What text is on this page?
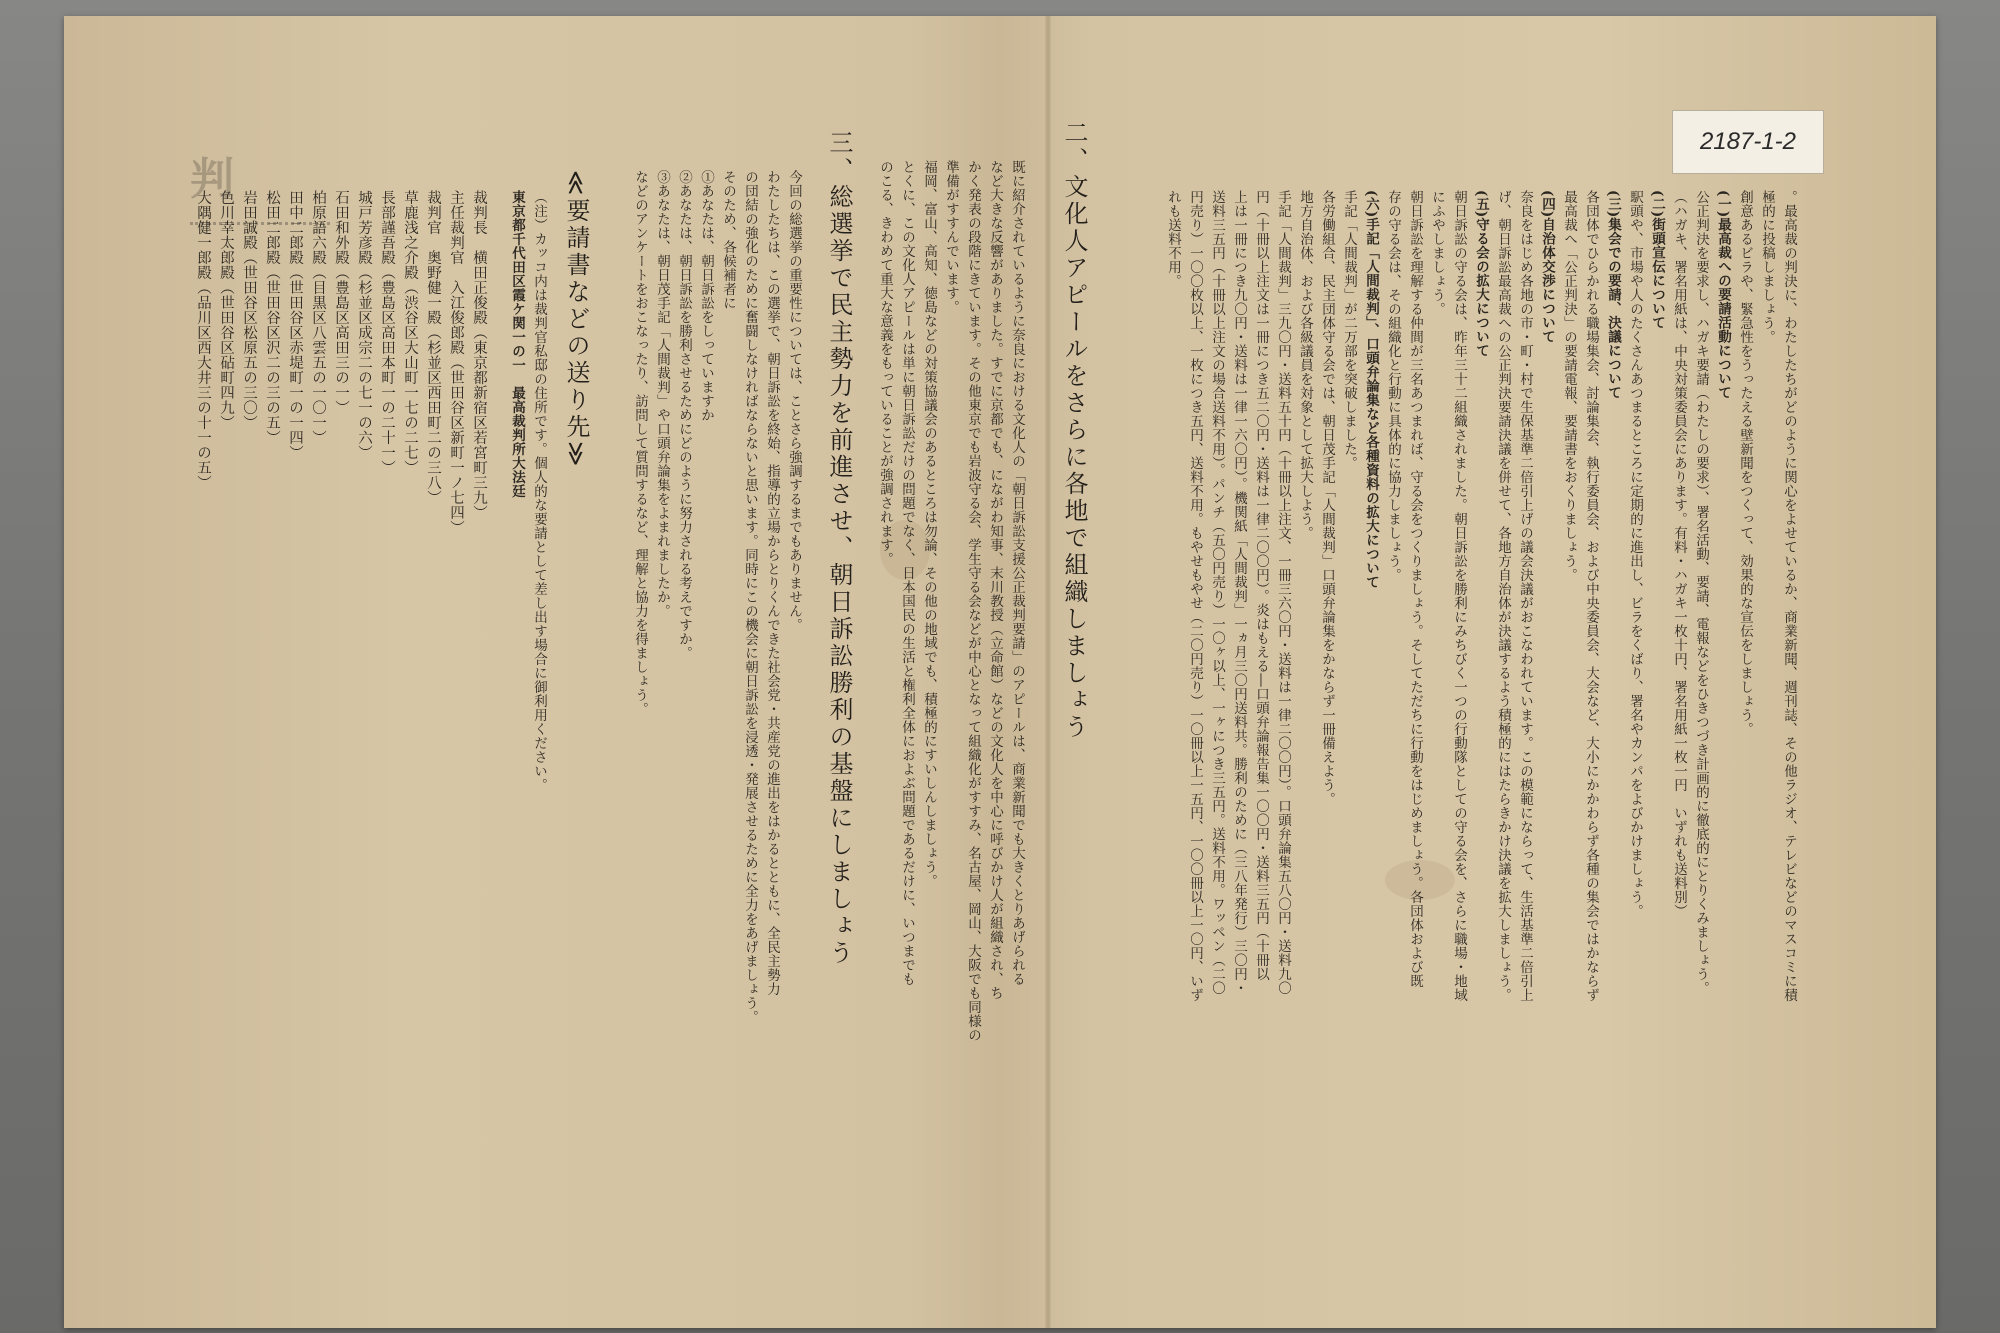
2187-1-2
判
。最高裁の判決に、わたしたちがどのように関心をよせているか、商業新聞、週刊誌、その他ラジオ、テレビなどのマスコミに積
極的に投稿しましょう。
創意あるビラや、緊急性をうったえる壁新聞をつくって、効果的な宣伝をしましょう。
(一)最高裁への要請活動について
公正判決を要求し、ハガキ要請（わたしの要求）、署名活動、要請、電報などをひきつづき計画的に徹底的にとりくみましょう。
（ハガキ、署名用紙は、中央対策委員会にあります。有料・ハガキ一枚十円、署名用紙一枚一円　いずれも送料別）
(二)街頭宣伝について
駅頭や、市場や人のたくさんあつまるところに定期的に進出し、ビラをくばり、署名やカンパをよびかけましょう。
(三)集会での要請、決議について
各団体でひらかれる職場集会、討論集会、執行委員会、および中央委員会、大会など、大小にかかわらず各種の集会ではかならず
最高裁へ「公正判決」の要請電報、要請書をおくりましょう。
(四)自治体交渉について
奈良をはじめ各地の市・町・村で生保基準二倍引上げの議会決議がおこなわれています。この模範にならって、生活基準二倍引上
げ、朝日訴訟最高裁への公正判決要請決議を併せて、各地方自治体が決議するよう積極的にはたらきかけ決議を拡大しましょう。
(五)守る会の拡大について
朝日訴訟の守る会は、昨年三十二組織されました。朝日訴訟を勝利にみちびく一つの行動隊としての守る会を、さらに職場・地域
にふやしましょう。
朝日訴訟を理解する仲間が三名あつまれば、守る会をつくりましょう。そしてただちに行動をはじめましょう。各団体および既
存の守る会は、その組織化と行動に具体的に協力しましょう。
(六)手記「人間裁判」、口頭弁論集など各種資料の拡大について
手記「人間裁判」が二万部を突破しました。
各労働組合、民主団体守る会では、朝日茂手記「人間裁判」口頭弁論集をかならず一冊備えよう。
地方自治体、および各級議員を対象として拡大しよう。
手記「人間裁判」三九〇円・送料五十円（十冊以上注文、一冊三六〇円・送料は一律二〇〇円）。口頭弁論集五八〇円・送料九〇
円（十冊以上注文は一冊につき五二〇円・送料は一律二〇〇円）。炎はもえる―口頭弁論報告集一〇〇円・送料三五円（十冊以
上は一冊につき九〇円・送料は一律一六〇円）。機関紙「人間裁判」一ヵ月三〇円送料共。勝利のために（三八年発行）三〇円・
送料三五円（十冊以上注文の場合送料不用）。パンチ（五〇円売り）一〇ヶ以上、一ヶにつき三五円。送料不用。ワッペン（二〇
円売り）一〇〇枚以上、一枚につき五円、送料不用。もやせもやせ（二〇円売り）一〇冊以上一五円、一〇〇冊以上一〇円、いず
れも送料不用。
二、文化人アピールをさらに各地で組織しましょう
既に紹介されているように奈良における文化人の「朝日訴訟支援公正裁判要請」のアピールは、商業新聞でも大きくとりあげられる
など大きな反響がありました。すでに京都でも、にながわ知事、末川教授（立命館）などの文化人を中心に呼びかけ人が組織され、ち
かく発表の段階にきています。その他東京でも岩波守る会、学生守る会などが中心となって組織化がすすみ、名古屋、岡山、大阪でも同様の
準備がすすんでいます。
福岡、富山、高知、徳島などの対策協議会のあるところは勿論、その他の地域でも、積極的にすいしんしましょう。
とくに、この文化人アピールは単に朝日訴訟だけの問題でなく、日本国民の生活と権利全体におよぶ問題であるだけに、いつまでも
のこる、きわめて重大な意義をもっていることが強調されます。
三、総選挙で民主勢力を前進させ、朝日訴訟勝利の基盤にしましょう
今回の総選挙の重要性については、ことさら強調するまでもありません。
わたしたちは、この選挙で、朝日訴訟を終始、指導的立場からとりくんできた社会党・共産党の進出をはかるとともに、全民主勢力
の団結の強化のために奮闘しなければならないと思います。同時にこの機会に朝日訴訟を浸透・発展させるために全力をあげましょう。
そのため、各候補者に
①あなたは、朝日訴訟をしっていますか
②あなたは、朝日訴訟を勝利させるためにどのように努力される考えですか。
③あなたは、朝日茂手記「人間裁判」や口頭弁論集をよまれましたか。
などのアンケートをおこなったり、訪問して質問するなど、理解と協力を得ましょう。
≪要請書などの送り先≫
（注）カッコ内は裁判官私邸の住所です。個人的な要請として差し出す場合に御利用ください。
東京都千代田区霞ケ関一の一　最高裁判所大法廷
裁判長　横田正俊殿（東京都新宿区若宮町三九）
主任裁判官　入江俊郎殿（世田谷区新町一ノ七四）
裁判官　奥野健一殿（杉並区西田町二の三八）
草鹿浅之介殿（渋谷区大山町一七の二七）
長部謹吾殿（豊島区高田本町一の二十一）
城戸芳彦殿（杉並区成宗二の七一の六）
石田和外殿（豊島区高田三の一）
柏原語六殿（目黒区八雲五の一〇一）
田中二郎殿（世田谷区赤堤町一の一四）
松田二郎殿（世田谷区沢二の三の五）
岩田誠殿（世田谷区松原五の三〇）
色川幸太郎殿（世田谷区砧町四九）
大隅健一郎殿（品川区西大井三の十一の五）
